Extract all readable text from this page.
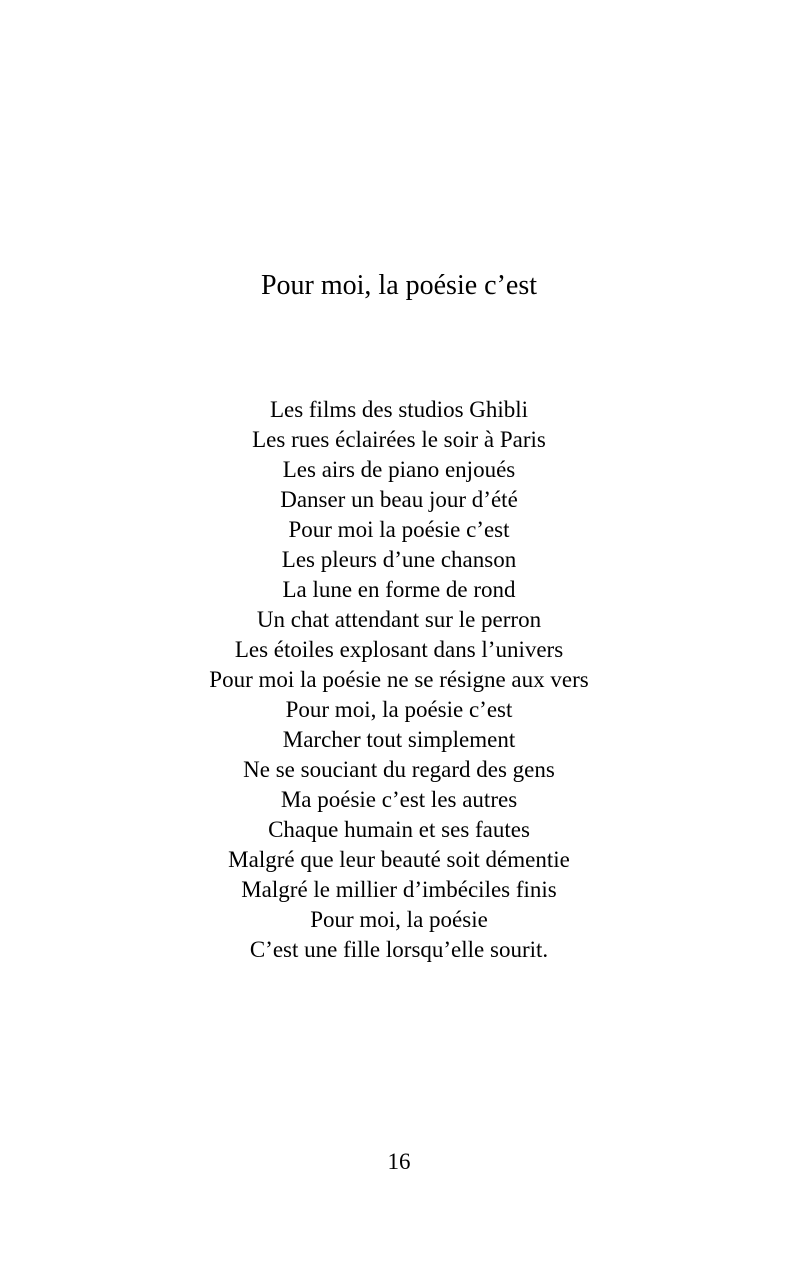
Pour moi, la poésie c’est
Les films des studios Ghibli
Les rues éclairées le soir à Paris
Les airs de piano enjoués
Danser un beau jour d’été
Pour moi la poésie c’est
Les pleurs d’une chanson
La lune en forme de rond
Un chat attendant sur le perron
Les étoiles explosant dans l’univers
Pour moi la poésie ne se résigne aux vers
Pour moi, la poésie c’est
Marcher tout simplement
Ne se souciant du regard des gens
Ma poésie c’est les autres
Chaque humain et ses fautes
Malgré que leur beauté soit démentie
Malgré le millier d’imbéciles finis
Pour moi, la poésie
C’est une fille lorsqu’elle sourit.
16
